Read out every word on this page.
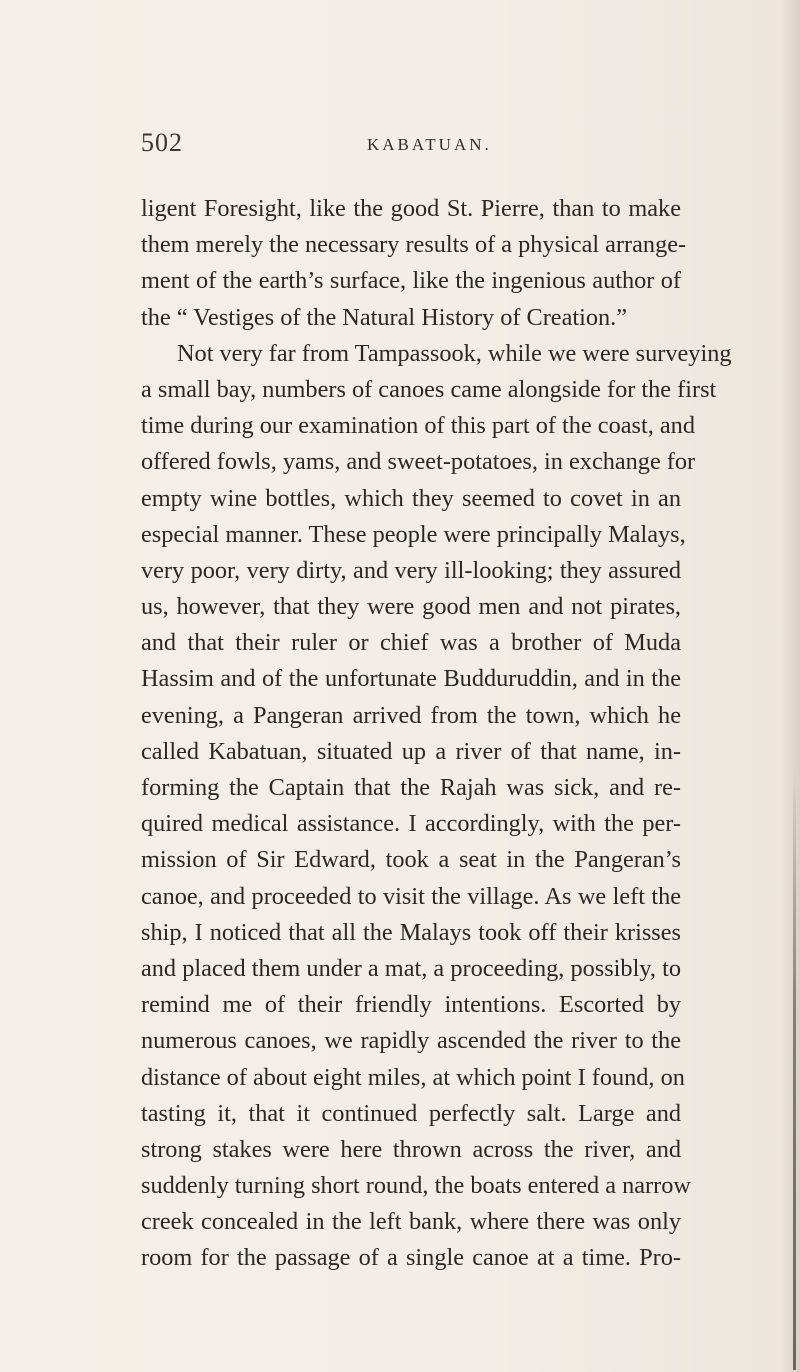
502	KABATUAN.
ligent Foresight, like the good St. Pierre, than to make
them merely the necessary results of a physical arrange-
ment of the earth’s surface, like the ingenious author of
the “ Vestiges of the Natural History of Creation.”
Not very far from Tampassook, while we were surveying
a small bay, numbers of canoes came alongside for the first
time during our examination of this part of the coast, and
offered fowls, yams, and sweet-potatoes, in exchange for
empty wine bottles, which they seemed to covet in an
especial manner. These people were principally Malays,
very poor, very dirty, and very ill-looking; they assured
us, however, that they were good men and not pirates,
and that their ruler or chief was a brother of Muda
Hassim and of the unfortunate Budduruddin, and in the
evening, a Pangeran arrived from the town, which he
called Kabatuan, situated up a river of that name, in-
forming the Captain that the Rajah was sick, and re-
quired medical assistance. I accordingly, with the per-
mission of Sir Edward, took a seat in the Pangeran’s
canoe, and proceeded to visit the village. As we left the
ship, I noticed that all the Malays took off their krisses
and placed them under a mat, a proceeding, possibly, to
remind me of their friendly intentions. Escorted by
numerous canoes, we rapidly ascended the river to the
distance of about eight miles, at which point I found, on
tasting it, that it continued perfectly salt. Large and
strong stakes were here thrown across the river, and
suddenly turning short round, the boats entered a narrow
creek concealed in the left bank, where there was only
room for the passage of a single canoe at a time. Pro-
